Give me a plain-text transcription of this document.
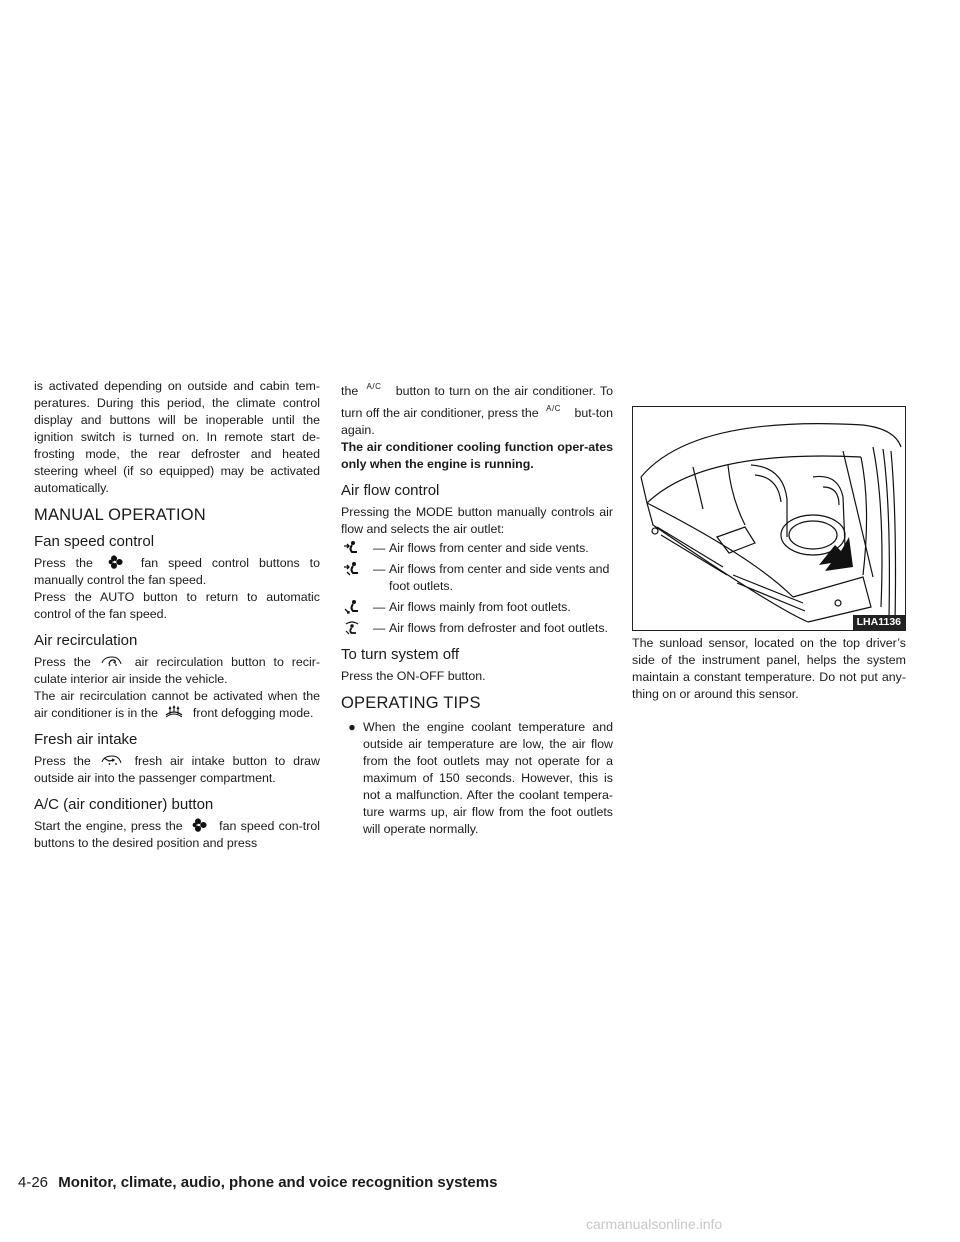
is activated depending on outside and cabin tem-peratures. During this period, the climate control display and buttons will be inoperable until the ignition switch is turned on. In remote start de-frosting mode, the rear defroster and heated steering wheel (if so equipped) may be activated automatically.

MANUAL OPERATION
Fan speed control

Press the	fan speed control buttons to manually control the fan speed.

Press the AUTO button to return to automatic control of the fan speed.

Air recirculation

Press the	air recirculation button to recir-culate interior air inside the vehicle.

The air recirculation cannot be activated when the air conditioner is in the	front defogging mode.

Fresh air intake

Press the	fresh air intake button to draw outside air into the passenger compartment.

A/C (air conditioner) button

Start the engine, press the	fan speed con-trol buttons to the desired position and press

the A/C button to turn on the air conditioner. To turn off the air conditioner, press the A/C but-ton again.

The air conditioner cooling function oper-ates only when the engine is running.

Air flow control

Pressing the MODE button manually controls air flow and selects the air outlet:

— Air flows from center and side vents.
— Air flows from center and side vents and foot outlets.
— Air flows mainly from foot outlets.
— Air flows from defroster and foot outlets.
To turn system off

Press the ON-OFF button.

OPERATING TIPS
● When the engine coolant temperature and outside air temperature are low, the air flow from the foot outlets may not operate for a maximum of 150 seconds. However, this is not a malfunction. After the coolant tempera-ture warms up, air flow from the foot outlets will operate normally.

LHA1136

The sunload sensor, located on the top driver’s side of the instrument panel, helps the system maintain a constant temperature. Do not put any-thing on or around this sensor.

4-26 Monitor, climate, audio, phone and voice recognition systems
carmanualsonline.info
